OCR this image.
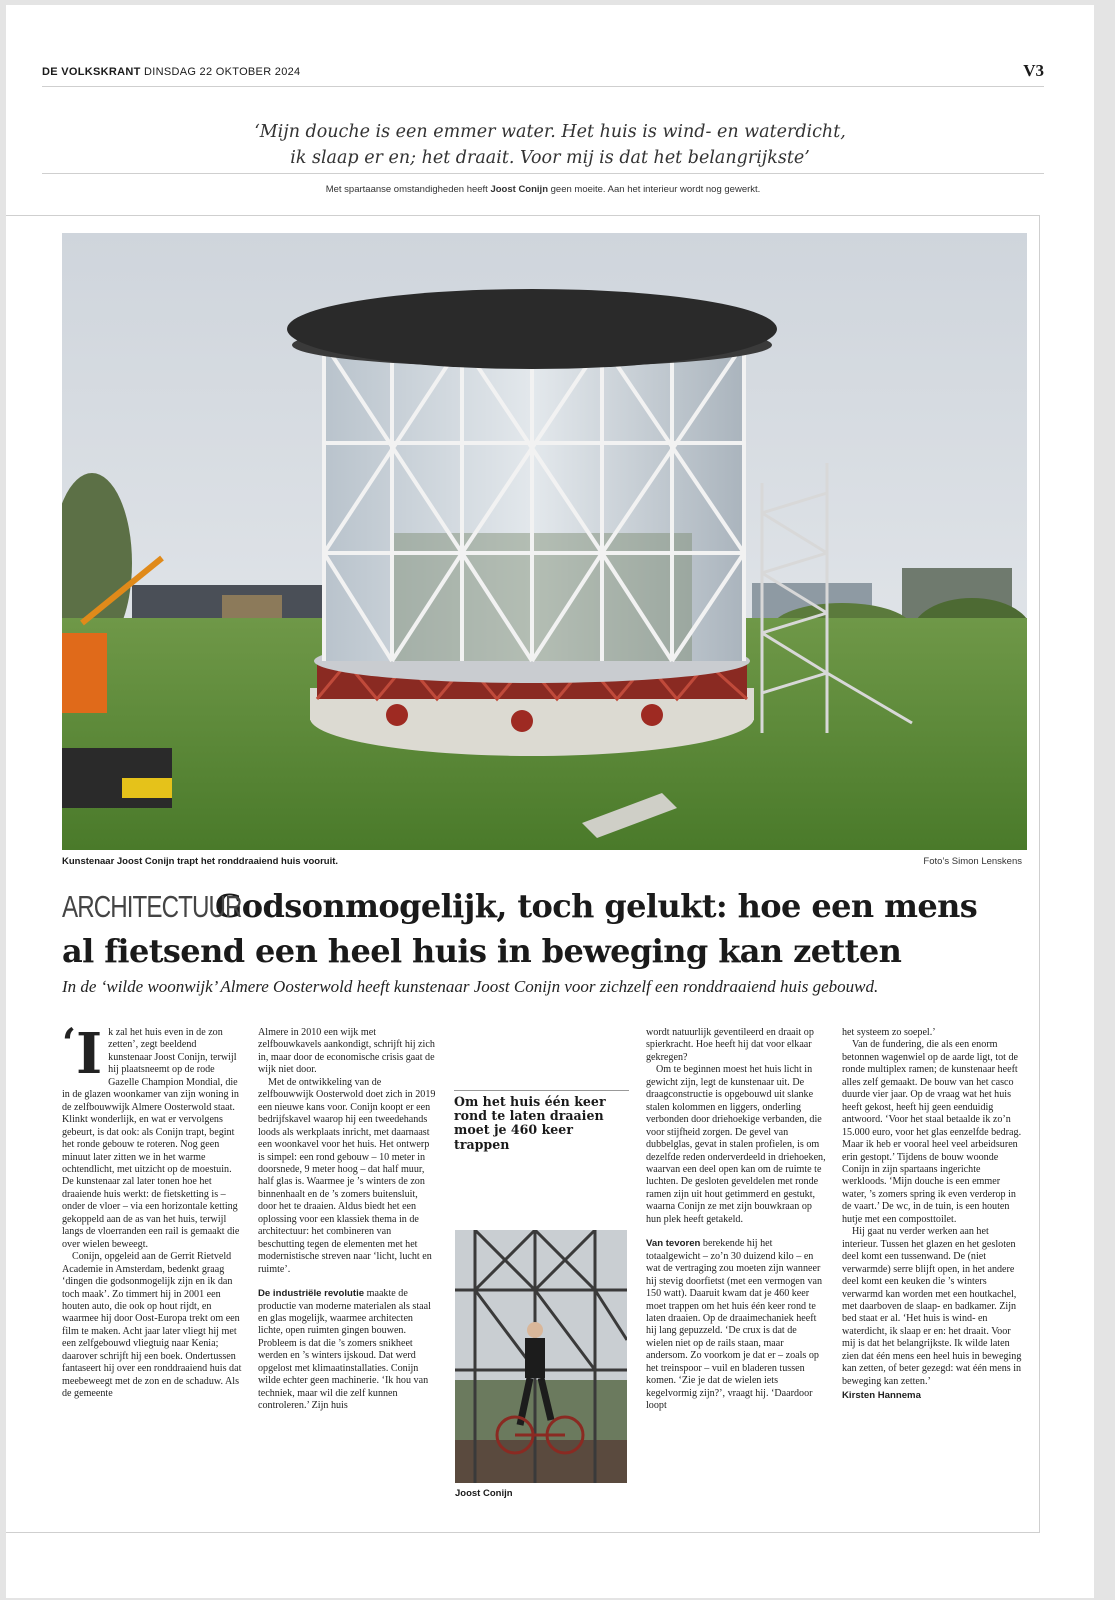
DE VOLKSKRANT DINSDAG 22 OKTOBER 2024	V3
‘Mijn douche is een emmer water. Het huis is wind- en waterdicht,
ik slaap er en; het draait. Voor mij is dat het belangrijkste’
Met spartaanse omstandigheden heeft Joost Conijn geen moeite. Aan het interieur wordt nog gewerkt.
Kunstenaar Joost Conijn trapt het ronddraaiend huis vooruit.	Foto’s Simon Lenskens
ARCHITECTUURGodsonmogelijk, toch gelukt: hoe een mens
al fietsend een heel huis in beweging kan zetten
In de ‘wilde woonwijk’ Almere Oosterwold heeft kunstenaar Joost Conijn voor zichzelf een ronddraaiend huis gebouwd.

‘I k zal het huis even in de zon zetten’, zegt beeldend kunstenaar Joost Conijn, terwijl hij plaatsneemt op de rode Gazelle Champion Mondial, die in de glazen woonkamer van zijn woning in de zelfbouwwijk Almere Oosterwold staat. Klinkt wonderlijk, en wat er vervolgens gebeurt, is dat ook: als Conijn trapt, begint het ronde gebouw te roteren. Nog geen minuut later zitten we in het warme ochtendlicht, met uitzicht op de moestuin. De kunstenaar zal later tonen hoe het draaiende huis werkt: de fietsketting is – onder de vloer – via een horizontale ketting gekoppeld aan de as van het huis, terwijl langs de vloerranden een rail is gemaakt die over wielen beweegt.

Conijn, opgeleid aan de Gerrit Rietveld Academie in Amsterdam, bedenkt graag ‘dingen die godsonmogelijk zijn en ik dan toch maak’. Zo timmert hij in 2001 een houten auto, die ook op hout rijdt, en waarmee hij door Oost-Europa trekt om een film te maken. Acht jaar later vliegt hij met een zelfgebouwd vliegtuig naar Kenia; daarover schrijft hij een boek. Ondertussen fantaseert hij over een ronddraaiend huis dat meebeweegt met de zon en de schaduw. Als de gemeente

Almere in 2010 een wijk met zelfbouwkavels aankondigt, schrijft hij zich in, maar door de economische crisis gaat de wijk niet door.

Met de ontwikkeling van de zelfbouwwijk Oosterwold doet zich in 2019 een nieuwe kans voor. Conijn koopt er een bedrijfskavel waarop hij een tweedehands loods als werkplaats inricht, met daarnaast een woonkavel voor het huis. Het ontwerp is simpel: een rond gebouw – 10 meter in doorsnede, 9 meter hoog – dat half muur, half glas is. Waarmee je ’s winters de zon binnenhaalt en de ’s zomers buitensluit, door het te draaien. Aldus biedt het een oplossing voor een klassiek thema in de architectuur: het combineren van beschutting tegen de elementen met het modernistische streven naar ‘licht, lucht en ruimte’.

De industriële revolutie maakte de productie van moderne materialen als staal en glas mogelijk, waarmee architecten lichte, open ruimten gingen bouwen. Probleem is dat die ’s zomers snikheet werden en ’s winters ijskoud. Dat werd opgelost met klimaatinstallaties. Conijn wilde echter geen machinerie. ‘Ik hou van techniek, maar wil die zelf kunnen controleren.’ Zijn huis

Om het huis één keer rond te laten draaien moet je 460 keer trappen
Joost Conijn

wordt natuurlijk geventileerd en draait op spierkracht. Hoe heeft hij dat voor elkaar gekregen?

Om te beginnen moest het huis licht in gewicht zijn, legt de kunstenaar uit. De draagconstructie is opgebouwd uit slanke stalen kolommen en liggers, onderling verbonden door driehoekige verbanden, die voor stijfheid zorgen. De gevel van dubbelglas, gevat in stalen profielen, is om dezelfde reden onderverdeeld in driehoeken, waarvan een deel open kan om de ruimte te luchten. De gesloten geveldelen met ronde ramen zijn uit hout getimmerd en gestukt, waarna Conijn ze met zijn bouwkraan op hun plek heeft getakeld.

Van tevoren berekende hij het totaalgewicht – zo’n 30 duizend kilo – en wat de vertraging zou moeten zijn wanneer hij stevig doorfietst (met een vermogen van 150 watt). Daaruit kwam dat je 460 keer moet trappen om het huis één keer rond te laten draaien. Op de draaimechaniek heeft hij lang gepuzzeld. ‘De crux is dat de wielen niet op de rails staan, maar andersom. Zo voorkom je dat er – zoals op het treinspoor – vuil en bladeren tussen komen. ‘Zie je dat de wielen iets kegelvormig zijn?’, vraagt hij. ‘Daardoor loopt

het systeem zo soepel.’

Van de fundering, die als een enorm betonnen wagenwiel op de aarde ligt, tot de ronde multiplex ramen; de kunstenaar heeft alles zelf gemaakt. De bouw van het casco duurde vier jaar. Op de vraag wat het huis heeft gekost, heeft hij geen eenduidig antwoord. ‘Voor het staal betaalde ik zo’n 15.000 euro, voor het glas eenzelfde bedrag. Maar ik heb er vooral heel veel arbeidsuren erin gestopt.’ Tijdens de bouw woonde Conijn in zijn spartaans ingerichte werkloods. ‘Mijn douche is een emmer water, ’s zomers spring ik even verderop in de vaart.’ De wc, in de tuin, is een houten hutje met een composttoilet.

Hij gaat nu verder werken aan het interieur. Tussen het glazen en het gesloten deel komt een tussenwand. De (niet verwarmde) serre blijft open, in het andere deel komt een keuken die ’s winters verwarmd kan worden met een houtkachel, met daarboven de slaap- en badkamer. Zijn bed staat er al. ‘Het huis is wind- en waterdicht, ik slaap er en: het draait. Voor mij is dat het belangrijkste. Ik wilde laten zien dat één mens een heel huis in beweging kan zetten, of beter gezegd: wat één mens in beweging kan zetten.’

Kirsten Hannema
